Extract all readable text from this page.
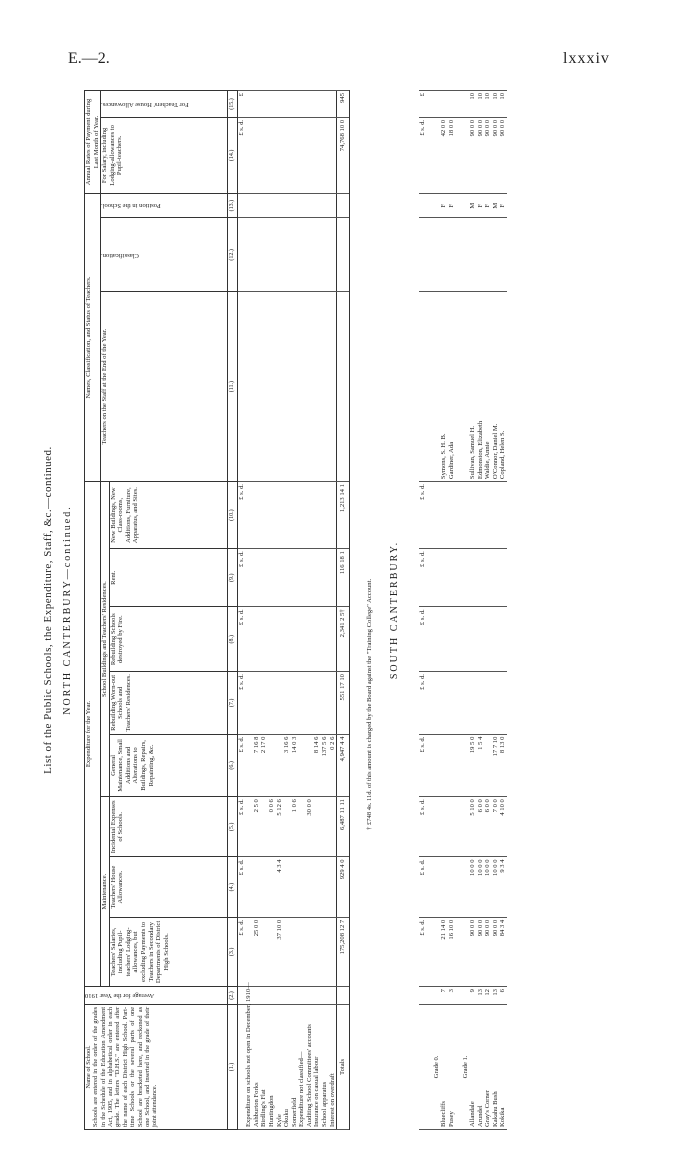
E.—2.	lxxxiv
List of the Public Schools, the Expenditure, Staff, &c.—continued. NORTH CANTERBURY—continued.
Name of School. Schools are entered in the order of the grades in the Schedule of the Education Amendment Act, 1905, and in alphabetical order in each grade. The letters "D.H.S." are entered after the name of each District High School. Part-time Schools or the several parts of one School are bracketed here, and reckoned as one School, and inserted in the grade of their joint attendance.	Average for the Year 1910	Expenditure for the Year.								Names, Classification, and Status of Teachers.			Annual Rates of Payment during Last Month of Year.	
		Maintenance.			School Buildings and Teachers' Residences.					Teachers on the Staff at the End of the Year.	Classification.	Position in the School.	For Salary, including Lodging-allowances to Pupil-teachers.	For Teachers' House Allowances.

		Teachers' Salaries, including Pupil-teachers' Lodging-allowances, but excluding Payments to Teachers in Secondary Departments of District High Schools.	Teachers' House Allowances.	Incidental Expenses of Schools.	General Maintenance, Small Additions and Alterations to Buildings, Repairs, Repainting, &c.	Rebuilding Worn-out Schools and Teachers' Residences.	Rebuilding Schools destroyed by Fire.	Rent.	New Buildings, New Class-rooms, Additions, Furniture, Apparatus, and Sites.					
(1.)	(2.)	(3.)	(4.)	(5.)	(6.)	(7.)	(8.)	(9.)	(10.)	(11.)	(12.)	(13.)	(14.)	(15.)
		£ s. d.	£ s. d.	£ s. d.	£ s. d.	£ s. d.	£ s. d.	£ s. d.	£ s. d.				£ s. d.	£
Expenditure on schools not open in December, 1910—														
Ashburton Forks		25 0 0		2 5 0	7 16 8									
Birdling's Flat					2 17 0									
Huntingdon				0 0 6										
Kyle		37 10 0	4 3 4	5 12 6										
Okuku					3 16 6									
Somerfield				1 0 6	14 0 3									
Expenditure not classified—														
Auditing School Committees' accounts				30 0 0										
Insurance on casual labour					8 14 6									
School apparatus					137 5 6									
Interest on overdraft					0 2 6									
Totals		175,208 12 7	929 4 0	6,487 11 11	4,947 4 4	551 17 10	2,341 2 5†	116 18 1	1,213 14 1				74,768 10 0	945

		£ s. d.	£ s. d.	£ s. d.	£ s. d.	£ s. d.	£ s. d.	£ s. d.	£ s. d.				£ s. d.	£
Grade 0.														
Bluecliffs	7	21 14 0								Symons, S. H. B.		F	42 0 0	
Pusey	3	16 10 0								Gardiner, Ada		F	18 0 0	
Grade 1.														
Allandale	9	90 0 0	10 0 0	5 10 0	19 5 0					Sullivan, Samuel H.		M	90 0 0	10
Arundel	13	90 0 0	10 0 0	6 0 0	1 5 4					Edmonston, Elizabeth		F	90 0 0	10
Gray's Corner	12	90 0 0	10 0 0	6 0 0						Waldie, Annie		F	90 0 0	10
Kakahu Bush	13	90 0 0	10 0 0	7 0 0	17 7 10					O'Connor, Daniel M.		M	90 0 0	10
Kokika	6	84 3 4	9 3 4	4 10 0	8 13 0					Copland, Helen S.		F	90 0 0	10
† £748 4s. 11d. of this amount is charged by the Board against the "Training College" Account. SOUTH CANTERBURY.
